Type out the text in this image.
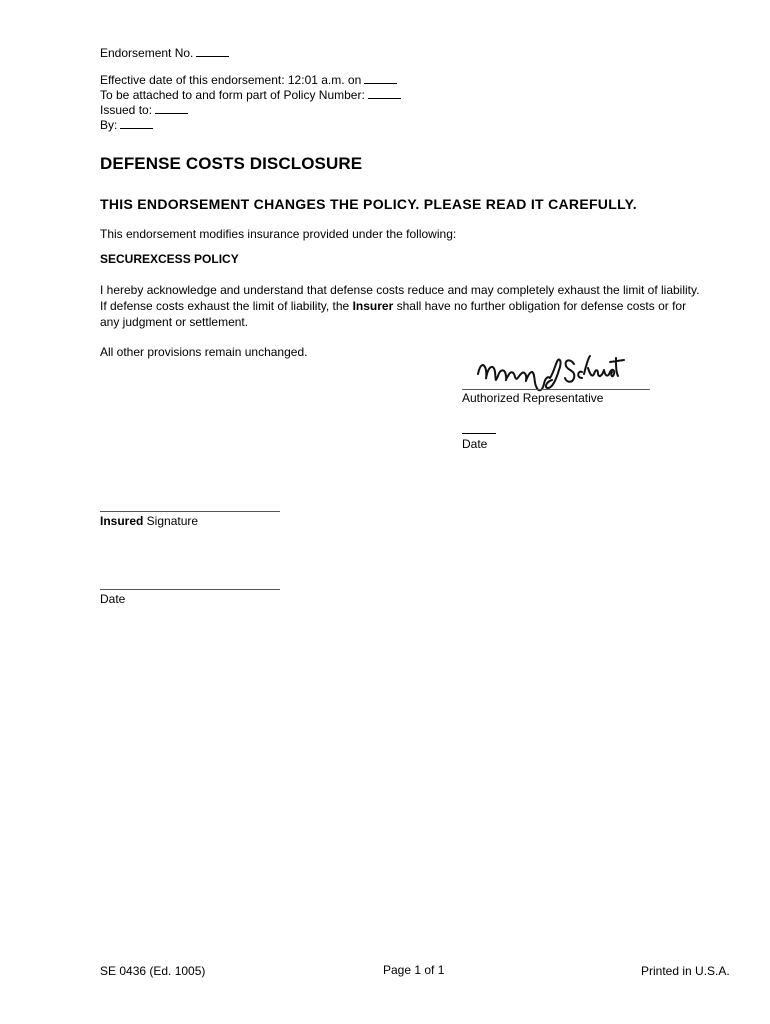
Endorsement No.
Effective date of this endorsement: 12:01 a.m. on
To be attached to and form part of Policy Number:
Issued to:
By:
DEFENSE COSTS DISCLOSURE
THIS ENDORSEMENT CHANGES THE POLICY. PLEASE READ IT CAREFULLY.
This endorsement modifies insurance provided under the following:
SECUREXCESS POLICY
I hereby acknowledge and understand that defense costs reduce and may completely exhaust the limit of liability.
If defense costs exhaust the limit of liability, the Insurer shall have no further obligation for defense costs or for
any judgment or settlement.
All other provisions remain unchanged.
Authorized Representative
Date
Insured Signature
Date
SE 0436 (Ed. 1005)	Page 1 of 1	Printed in U.S.A.
